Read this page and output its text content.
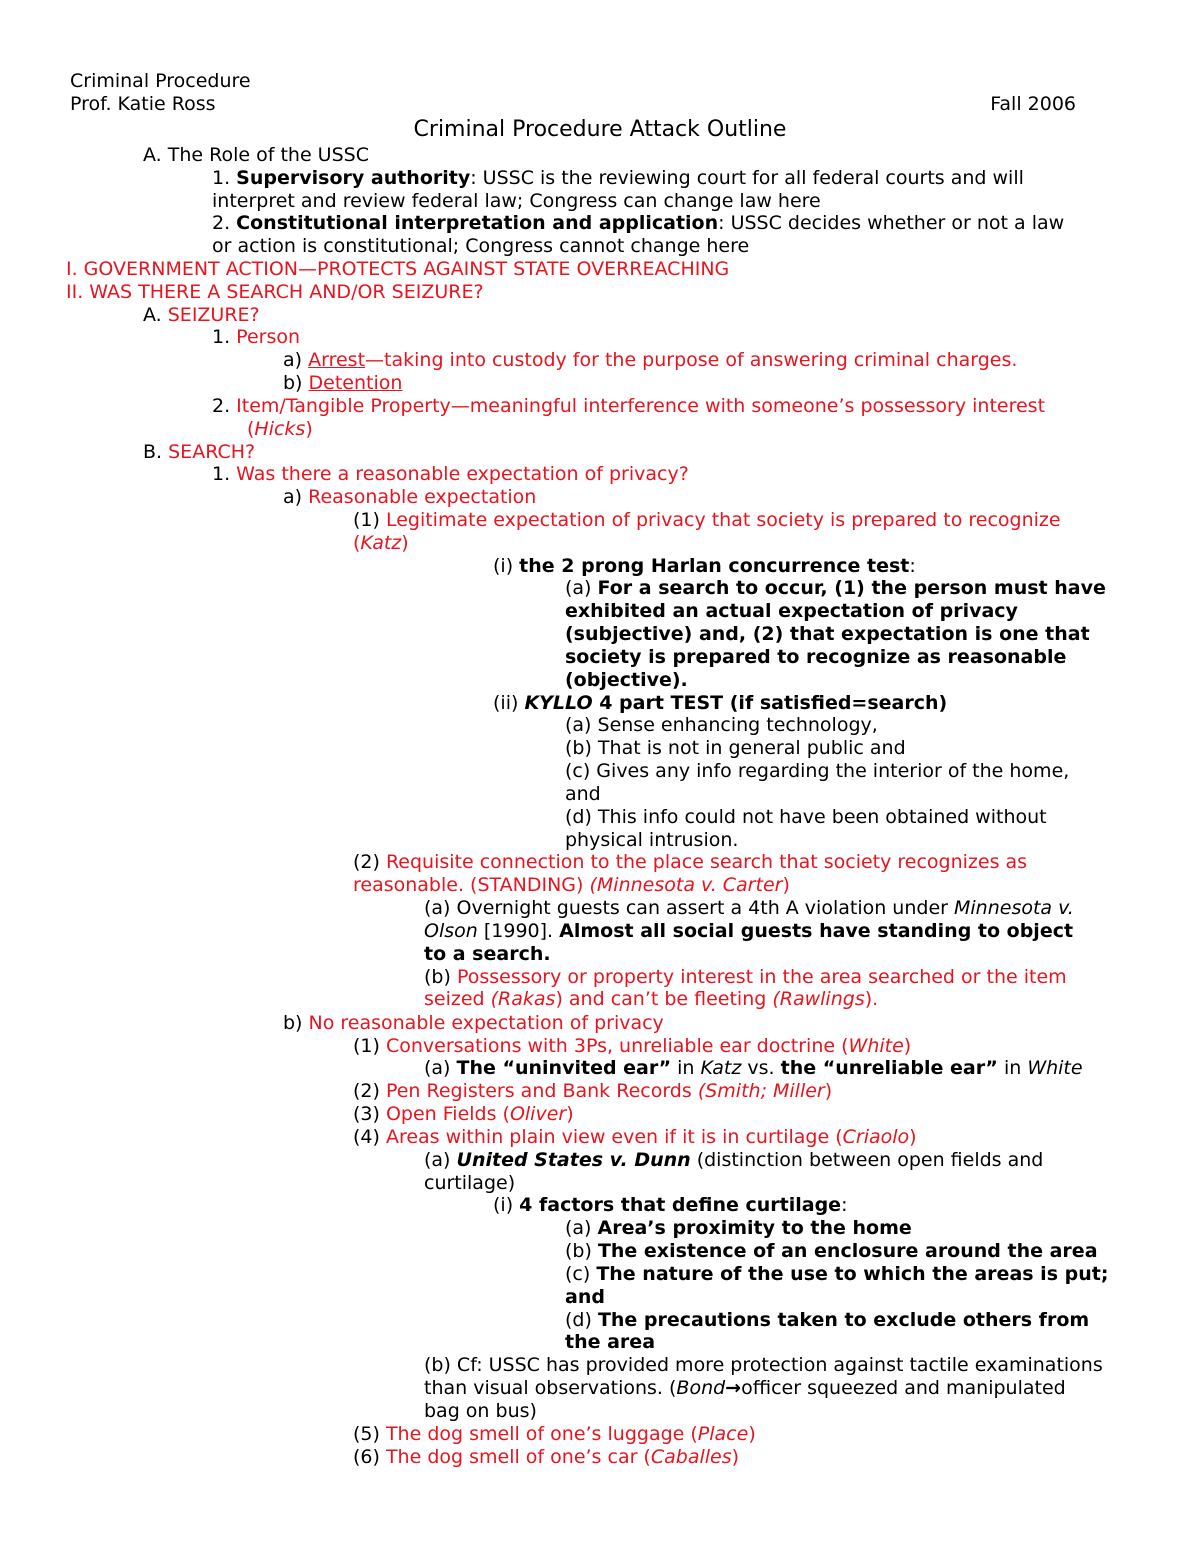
Criminal Procedure
Prof. Katie Ross	Fall 2006
Criminal Procedure Attack Outline
A. The Role of the USSC
1. Supervisory authority: USSC is the reviewing court for all federal courts and will
interpret and review federal law; Congress can change law here
2. Constitutional interpretation and application: USSC decides whether or not a law
or action is constitutional; Congress cannot change here
I. GOVERNMENT ACTION—PROTECTS AGAINST STATE OVERREACHING
II. WAS THERE A SEARCH AND/OR SEIZURE?
A. SEIZURE?
1. Person
a) Arrest—taking into custody for the purpose of answering criminal charges.
b) Detention
2. Item/Tangible Property—meaningful interference with someone’s possessory interest
(Hicks)
B. SEARCH?
1. Was there a reasonable expectation of privacy?
a) Reasonable expectation
(1) Legitimate expectation of privacy that society is prepared to recognize
(Katz)
(i) the 2 prong Harlan concurrence test:
(a) For a search to occur, (1) the person must have
exhibited an actual expectation of privacy
(subjective) and, (2) that expectation is one that
society is prepared to recognize as reasonable
(objective).
(ii) KYLLO 4 part TEST (if satisfied=search)
(a) Sense enhancing technology,
(b) That is not in general public and
(c) Gives any info regarding the interior of the home,
and
(d) This info could not have been obtained without
physical intrusion.
(2) Requisite connection to the place search that society recognizes as
reasonable. (STANDING) (Minnesota v. Carter)
(a) Overnight guests can assert a 4th A violation under Minnesota v.
Olson [1990]. Almost all social guests have standing to object
to a search.
(b) Possessory or property interest in the area searched or the item
seized (Rakas) and can’t be fleeting (Rawlings).
b) No reasonable expectation of privacy
(1) Conversations with 3Ps, unreliable ear doctrine (White)
(a) The “uninvited ear” in Katz vs. the “unreliable ear” in White
(2) Pen Registers and Bank Records (Smith; Miller)
(3) Open Fields (Oliver)
(4) Areas within plain view even if it is in curtilage (Criaolo)
(a) United States v. Dunn (distinction between open fields and
curtilage)
(i) 4 factors that define curtilage:
(a) Area’s proximity to the home
(b) The existence of an enclosure around the area
(c) The nature of the use to which the areas is put;
and
(d) The precautions taken to exclude others from
the area
(b) Cf: USSC has provided more protection against tactile examinations
than visual observations. (Bond→officer squeezed and manipulated
bag on bus)
(5) The dog smell of one’s luggage (Place)
(6) The dog smell of one’s car (Caballes)
